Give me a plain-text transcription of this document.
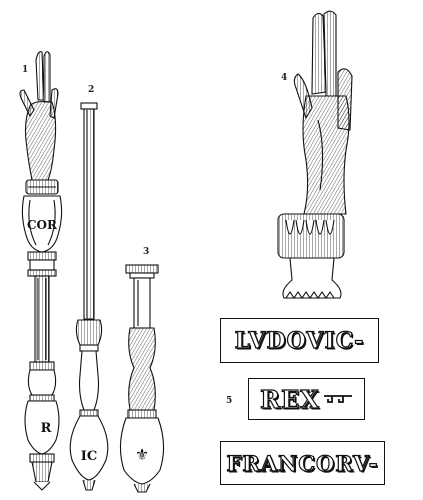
COR
R
IC ⚜
1
2
3
4
5
LVDOVIC-
REX
FRANCORV-
